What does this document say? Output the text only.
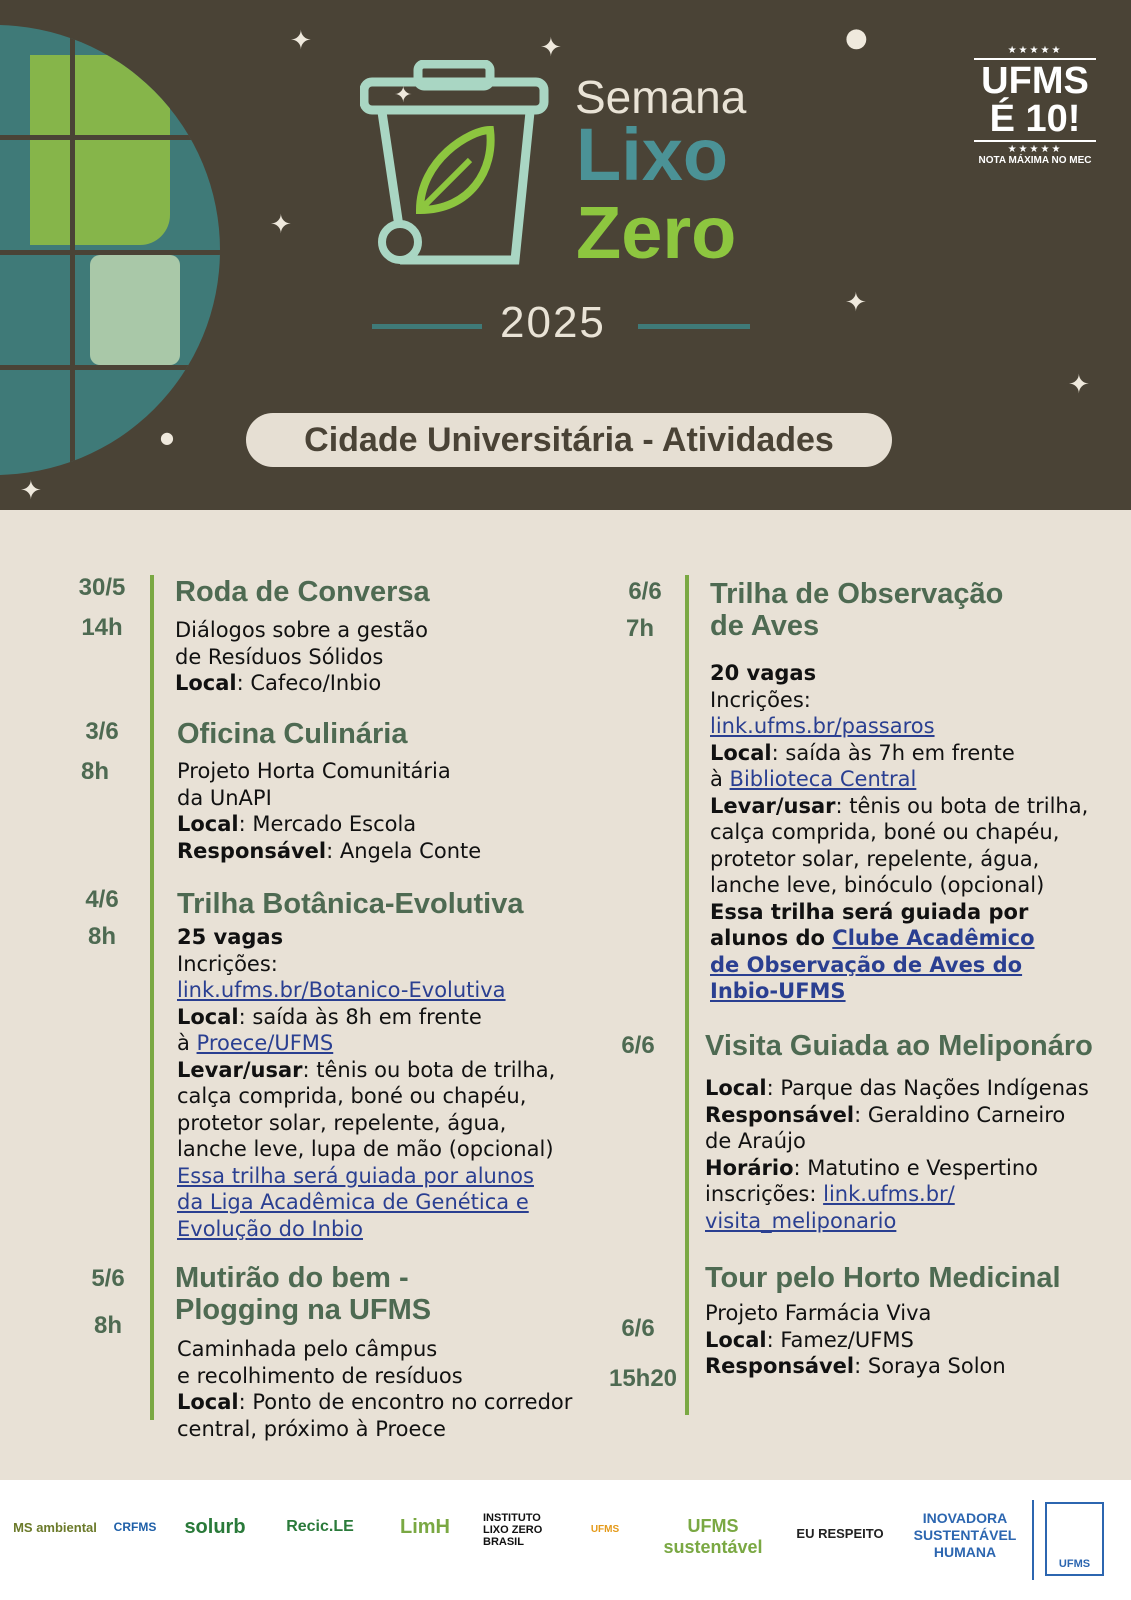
✦	✦	●
✦
✦
✦
●
✦
✦	Semana
Lixo
Zero
2025
★★★★★
UFMS
É 10!
★★★★★
NOTA MÁXIMA NO MEC
Cidade Universitária - Atividades
30/5
14h
Roda de Conversa
Diálogos sobre a gestão
de Resíduos Sólidos
Local: Cafeco/Inbio
3/6
8h
Oficina Culinária
Projeto Horta Comunitária
da UnAPI
Local: Mercado Escola
Responsável: Angela Conte
4/6
8h
Trilha Botânica-Evolutiva
25 vagas
Incrições:
link.ufms.br/Botanico-Evolutiva
Local: saída às 8h em frente
à Proece/UFMS
Levar/usar: tênis ou bota de trilha,
calça comprida, boné ou chapéu,
protetor solar, repelente, água,
lanche leve, lupa de mão (opcional)
Essa trilha será guiada por alunos
da Liga Acadêmica de Genética e
Evolução do Inbio
5/6
8h
Mutirão do bem -
Plogging na UFMS
Caminhada pelo câmpus
e recolhimento de resíduos
Local: Ponto de encontro no corredor
central, próximo à Proece
6/6
7h
Trilha de Observação
de Aves
20 vagas
Incrições:
link.ufms.br/passaros
Local: saída às 7h em frente
à Biblioteca Central
Levar/usar: tênis ou bota de trilha,
calça comprida, boné ou chapéu,
protetor solar, repelente, água,
lanche leve, binóculo (opcional)
Essa trilha será guiada por
alunos do Clube Acadêmico
de Observação de Aves do
Inbio-UFMS
6/6	Visita Guiada ao Meliponáro
Local: Parque das Nações Indígenas
Responsável: Geraldino Carneiro
de Araújo
Horário: Matutino e Vespertino
inscrições: link.ufms.br/
visita_meliponario
6/6
15h20
Tour pelo Horto Medicinal
Projeto Farmácia Viva
Local: Famez/UFMS
Responsável: Soraya Solon
MS ambiental	CRFMS	solurb	Recic.LE	LimH	INSTITUTO LIXO ZERO BRASIL
UFMS	UFMS sustentável
EU RESPEITO
INOVADORA
SUSTENTÁVEL
HUMANA
UFMS
